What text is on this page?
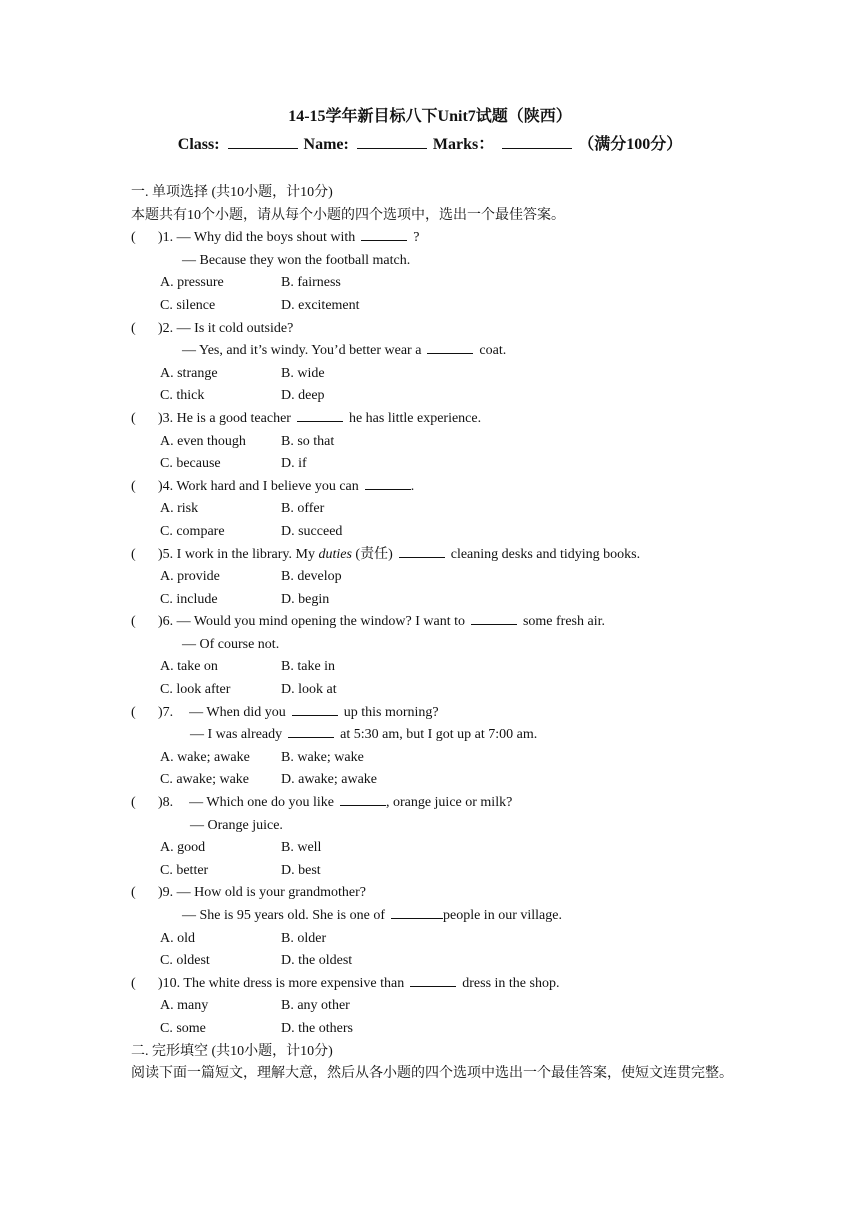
14-15学年新目标八下Unit7试题（陕西）
Class:	Name:	Marks：	（满分100分）
一. 单项选择 (共10小题，计10分)
本题共有10个小题，请从每个小题的四个选项中，选出一个最佳答案。
( )1. — Why did the boys shout with	?
— Because they won the football match.
A. pressure	B. fairness
C. silence	D. excitement
( )2. — Is it cold outside?
— Yes, and it’s windy. You’d better wear a	coat.
A. strange	B. wide
C. thick	D. deep
( )3. He is a good teacher	he has little experience.
A. even though	B. so that
C. because	D. if
( )4. Work hard and I believe you can	.
A. risk	B. offer
C. compare	D. succeed
( )5. I work in the library. My duties (责任)	cleaning desks and tidying books.
A. provide	B. develop
C. include	D. begin
( )6. — Would you mind opening the window? I want to	some fresh air.
— Of course not.
A. take on	B. take in
C. look after	D. look at
( )7. — When did you	up this morning?
— I was already	at 5:30 am, but I got up at 7:00 am.
A. wake; awake B. wake; wake
C. awake; wake D. awake; awake
( )8. — Which one do you like	, orange juice or milk?
— Orange juice.
A. good	B. well
C. better	D. best
( )9. — How old is your grandmother?
— She is 95 years old. She is one of	people in our village.
A. old	B. older
C. oldest	D. the oldest
( )10. The white dress is more expensive than	dress in the shop.
A. many	B. any other
C. some	D. the others
二. 完形填空 (共10小题，计10分)
阅读下面一篇短文，理解大意，然后从各小题的四个选项中选出一个最佳答案，使短文连贯完整。
